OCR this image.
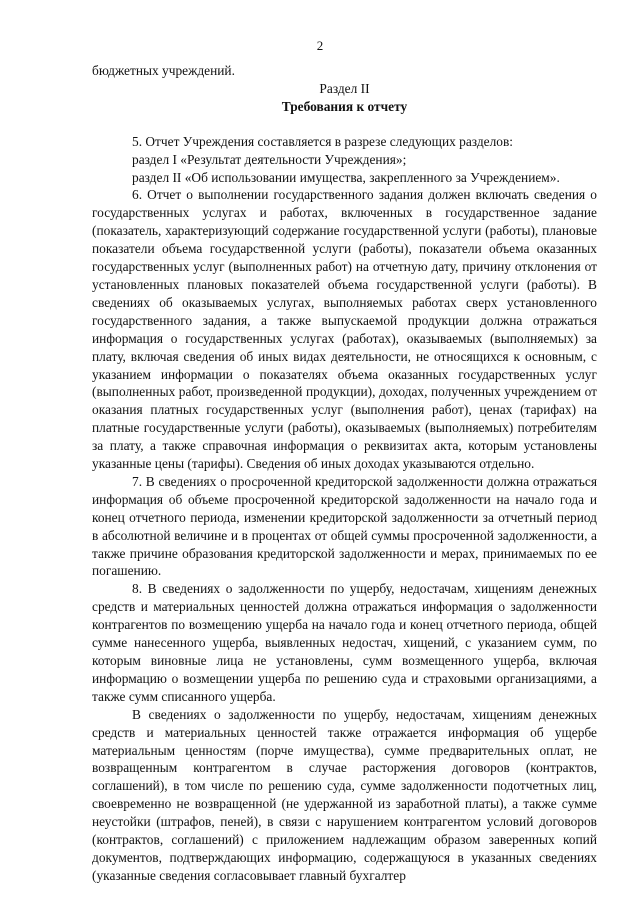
2

бюджетных учреждений.

Раздел II

Требования к отчету

5. Отчет Учреждения составляется в разрезе следующих разделов:

раздел I «Результат деятельности Учреждения»;

раздел II «Об использовании имущества, закрепленного за Учреждением».

6. Отчет о выполнении государственного задания должен включать сведения о государственных услугах и работах, включенных в государственное задание (показатель, характеризующий содержание государственной услуги (работы), плановые показатели объема государственной услуги (работы), показатели объема оказанных государственных услуг (выполненных работ) на отчетную дату, причину отклонения от установленных плановых показателей объема государственной услуги (работы). В сведениях об оказываемых услугах, выполняемых работах сверх установленного государственного задания, а также выпускаемой продукции должна отражаться информация о государственных услугах (работах), оказываемых (выполняемых) за плату, включая сведения об иных видах деятельности, не относящихся к основным, с указанием информации о показателях объема оказанных государственных услуг (выполненных работ, произведенной продукции), доходах, полученных учреждением от оказания платных государственных услуг (выполнения работ), ценах (тарифах) на платные государственные услуги (работы), оказываемых (выполняемых) потребителям за плату, а также справочная информация о реквизитах акта, которым установлены указанные цены (тарифы). Сведения об иных доходах указываются отдельно.

7. В сведениях о просроченной кредиторской задолженности должна отражаться информация об объеме просроченной кредиторской задолженности на начало года и конец отчетного периода, изменении кредиторской задолженности за отчетный период в абсолютной величине и в процентах от общей суммы просроченной задолженности, а также причине образования кредиторской задолженности и мерах, принимаемых по ее погашению.

8. В сведениях о задолженности по ущербу, недостачам, хищениям денежных средств и материальных ценностей должна отражаться информация о задолженности контрагентов по возмещению ущерба на начало года и конец отчетного периода, общей сумме нанесенного ущерба, выявленных недостач, хищений, с указанием сумм, по которым виновные лица не установлены, сумм возмещенного ущерба, включая информацию о возмещении ущерба по решению суда и страховыми организациями, а также сумм списанного ущерба.

В сведениях о задолженности по ущербу, недостачам, хищениям денежных средств и материальных ценностей также отражается информация об ущербе материальным ценностям (порче имущества), сумме предварительных оплат, не возвращенным контрагентом в случае расторжения договоров (контрактов, соглашений), в том числе по решению суда, сумме задолженности подотчетных лиц, своевременно не возвращенной (не удержанной из заработной платы), а также сумме неустойки (штрафов, пеней), в связи с нарушением контрагентом условий договоров (контрактов, соглашений) с приложением надлежащим образом заверенных копий документов, подтверждающих информацию, содержащуюся в указанных сведениях (указанные сведения согласовывает главный бухгалтер
